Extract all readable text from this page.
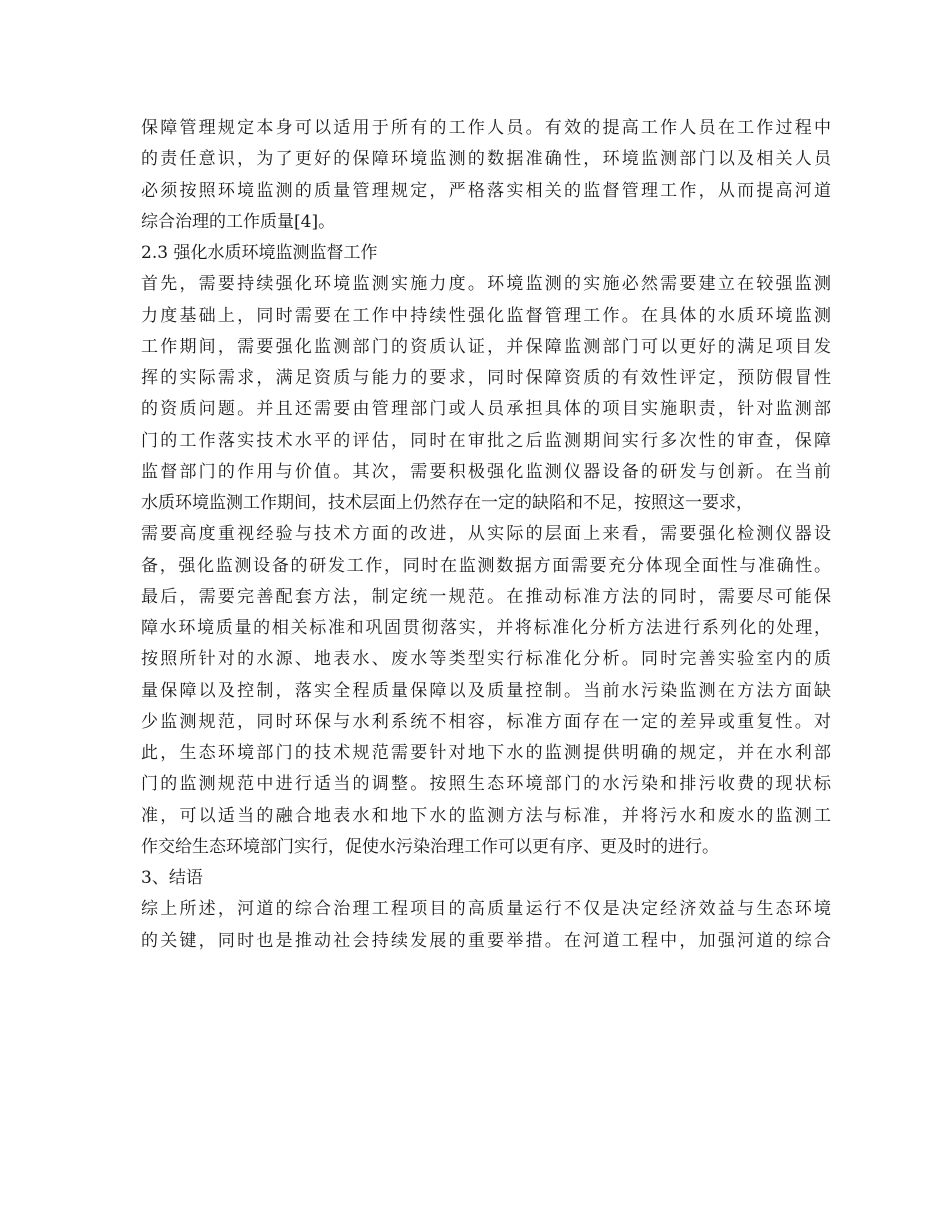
保障管理规定本身可以适用于所有的工作人员。有效的提高工作人员在工作过程中
的责任意识，为了更好的保障环境监测的数据准确性，环境监测部门以及相关人员
必须按照环境监测的质量管理规定，严格落实相关的监督管理工作，从而提高河道
综合治理的工作质量[4]。
2.3 强化水质环境监测监督工作
首先，需要持续强化环境监测实施力度。环境监测的实施必然需要建立在较强监测
力度基础上，同时需要在工作中持续性强化监督管理工作。在具体的水质环境监测
工作期间，需要强化监测部门的资质认证，并保障监测部门可以更好的满足项目发
挥的实际需求，满足资质与能力的要求，同时保障资质的有效性评定，预防假冒性
的资质问题。并且还需要由管理部门或人员承担具体的项目实施职责，针对监测部
门的工作落实技术水平的评估，同时在审批之后监测期间实行多次性的审查，保障
监督部门的作用与价值。其次，需要积极强化监测仪器设备的研发与创新。在当前
水质环境监测工作期间，技术层面上仍然存在一定的缺陷和不足，按照这一要求，
需要高度重视经验与技术方面的改进，从实际的层面上来看，需要强化检测仪器设
备，强化监测设备的研发工作，同时在监测数据方面需要充分体现全面性与准确性。
最后，需要完善配套方法，制定统一规范。在推动标准方法的同时，需要尽可能保
障水环境质量的相关标准和巩固贯彻落实，并将标准化分析方法进行系列化的处理，
按照所针对的水源、地表水、废水等类型实行标准化分析。同时完善实验室内的质
量保障以及控制，落实全程质量保障以及质量控制。当前水污染监测在方法方面缺
少监测规范，同时环保与水利系统不相容，标准方面存在一定的差异或重复性。对
此，生态环境部门的技术规范需要针对地下水的监测提供明确的规定，并在水利部
门的监测规范中进行适当的调整。按照生态环境部门的水污染和排污收费的现状标
准，可以适当的融合地表水和地下水的监测方法与标准，并将污水和废水的监测工
作交给生态环境部门实行，促使水污染治理工作可以更有序、更及时的进行。
3、结语
综上所述，河道的综合治理工程项目的高质量运行不仅是决定经济效益与生态环境
的关键，同时也是推动社会持续发展的重要举措。在河道工程中，加强河道的综合
